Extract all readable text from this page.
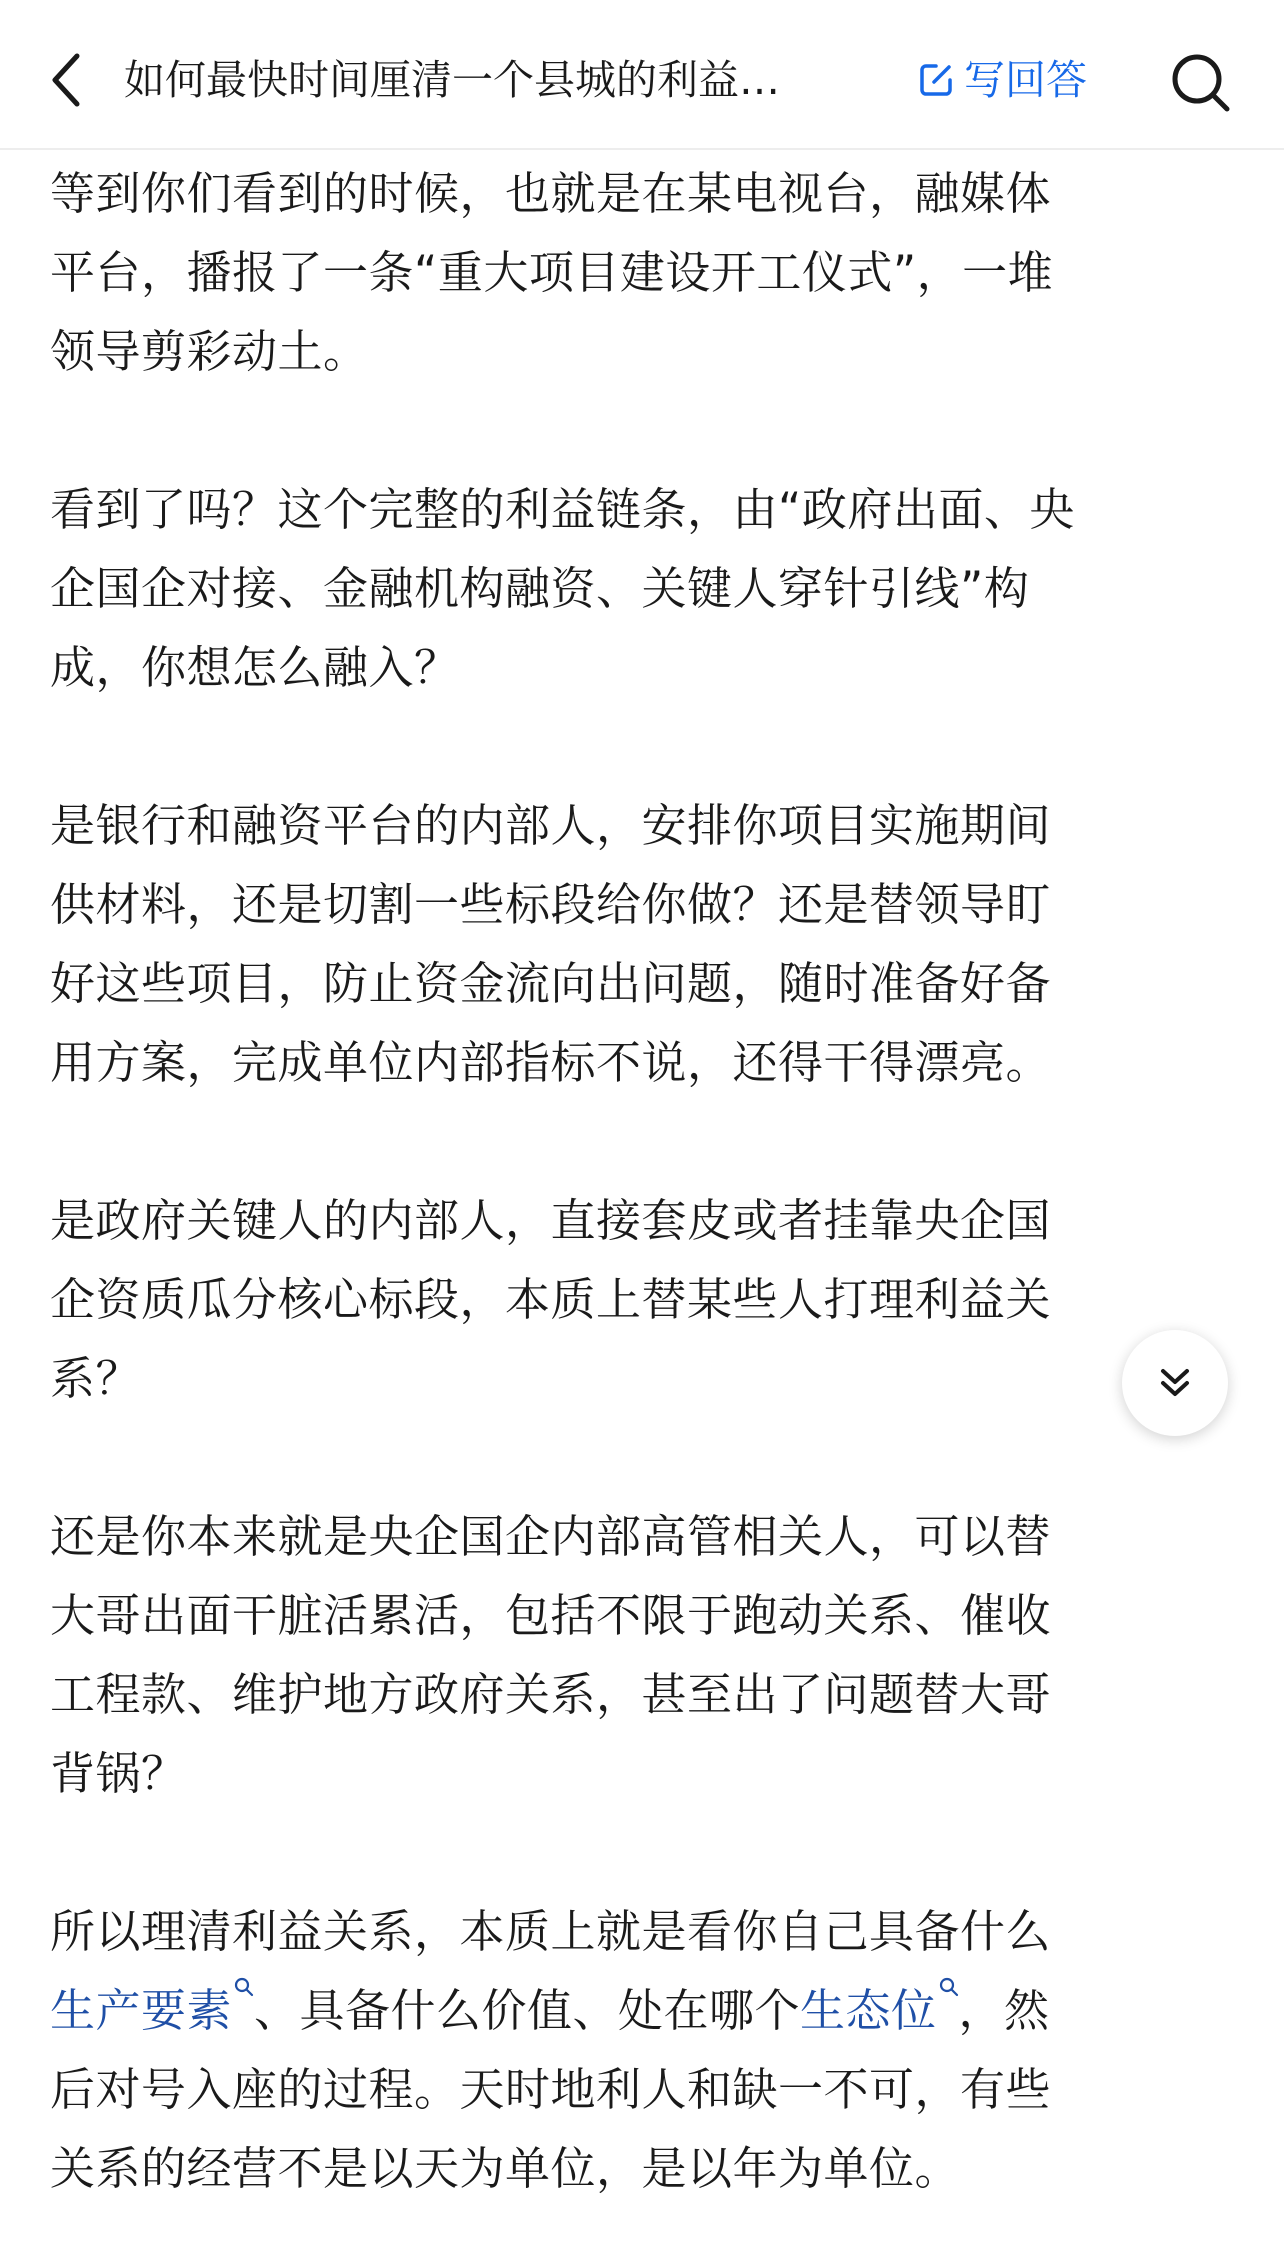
如何最快时间厘清一个县城的利益…	写回答

等到你们看到的时候，也就是在某电视台，融媒体
平台，播报了一条“重大项目建设开工仪式”，一堆
领导剪彩动土。

看到了吗？这个完整的利益链条，由“政府出面、央
企国企对接、金融机构融资、关键人穿针引线”构
成，你想怎么融入？

是银行和融资平台的内部人，安排你项目实施期间
供材料，还是切割一些标段给你做？还是替领导盯
好这些项目，防止资金流向出问题，随时准备好备
用方案，完成单位内部指标不说，还得干得漂亮。

是政府关键人的内部人，直接套皮或者挂靠央企国
企资质瓜分核心标段，本质上替某些人打理利益关
系？

还是你本来就是央企国企内部高管相关人，可以替
大哥出面干脏活累活，包括不限于跑动关系、催收
工程款、维护地方政府关系，甚至出了问题替大哥
背锅？

所以理清利益关系，本质上就是看你自己具备什么
生产要素 、具备什么价值、处在哪个生态位 ，然
后对号入座的过程。天时地利人和缺一不可，有些
关系的经营不是以天为单位，是以年为单位。
